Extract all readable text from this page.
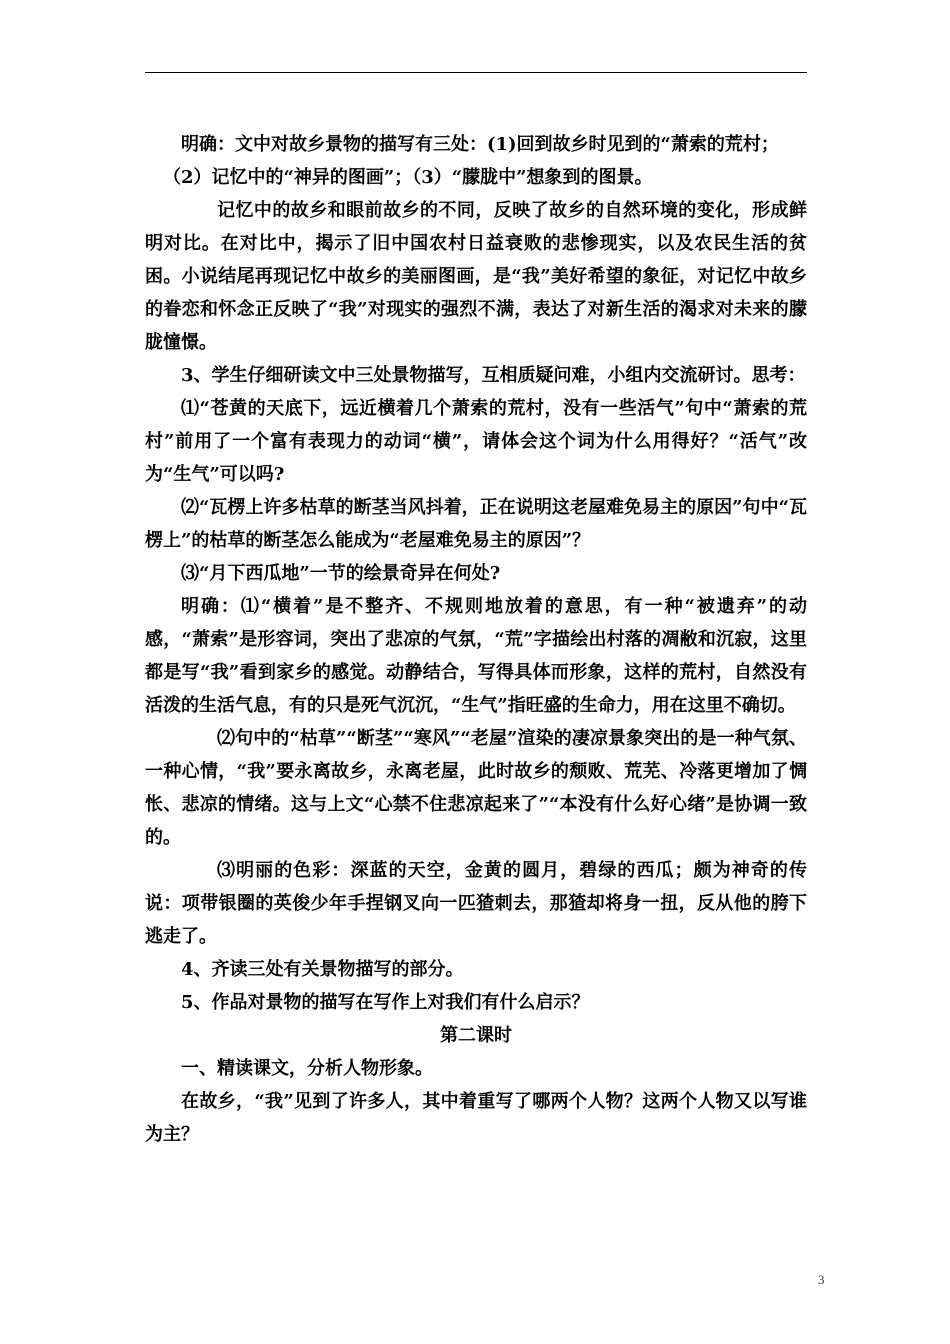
明确：文中对故乡景物的描写有三处：(1)回到故乡时见到的“萧索的荒村；

（2）记忆中的“神异的图画”；（3）“朦胧中”想象到的图景。

记忆中的故乡和眼前故乡的不同，反映了故乡的自然环境的变化，形成鲜明对比。在对比中，揭示了旧中国农村日益衰败的悲惨现实，以及农民生活的贫困。小说结尾再现记忆中故乡的美丽图画，是“我”美好希望的象征，对记忆中故乡的眷恋和怀念正反映了“我”对现实的强烈不满，表达了对新生活的渴求对未来的朦胧憧憬。

3、学生仔细研读文中三处景物描写，互相质疑问难，小组内交流研讨。思考：

⑴“苍黄的天底下，远近横着几个萧索的荒村，没有一些活气”句中“萧索的荒村”前用了一个富有表现力的动词“横”，请体会这个词为什么用得好？“活气”改为“生气”可以吗?

⑵“瓦楞上许多枯草的断茎当风抖着，正在说明这老屋难免易主的原因”句中“瓦楞上”的枯草的断茎怎么能成为“老屋难免易主的原因”？

⑶“月下西瓜地”一节的绘景奇异在何处?

明确：⑴“横着”是不整齐、不规则地放着的意思，有一种“被遗弃”的动感，“萧索”是形容词，突出了悲凉的气氛，“荒”字描绘出村落的凋敝和沉寂，这里都是写“我”看到家乡的感觉。动静结合，写得具体而形象，这样的荒村，自然没有活泼的生活气息，有的只是死气沉沉，“生气”指旺盛的生命力，用在这里不确切。

⑵句中的“枯草”“断茎”“寒风”“老屋”渲染的凄凉景象突出的是一种气氛、一种心情，“我”要永离故乡，永离老屋，此时故乡的颓败、荒芜、冷落更增加了惆怅、悲凉的情绪。这与上文“心禁不住悲凉起来了”“本没有什么好心绪”是协调一致的。

⑶明丽的色彩：深蓝的天空，金黄的圆月，碧绿的西瓜；颇为神奇的传说：项带银圈的英俊少年手捏钢叉向一匹猹刺去，那猹却将身一扭，反从他的胯下逃走了。

4、齐读三处有关景物描写的部分。

5、作品对景物的描写在写作上对我们有什么启示？

第二课时

一、精读课文，分析人物形象。

在故乡，“我”见到了许多人，其中着重写了哪两个人物？这两个人物又以写谁为主？

3
